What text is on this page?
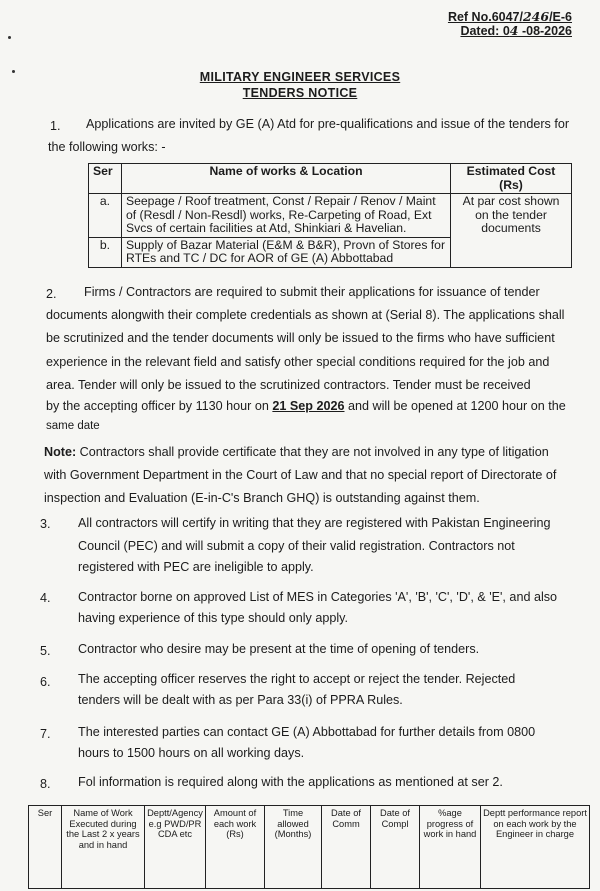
Ref No.6047/246/E-6
Dated: 04 -08-2026
MILITARY ENGINEER SERVICES
TENDERS NOTICE
1. Applications are invited by GE (A) Atd for pre-qualifications and issue of the tenders for
the following works: -
Ser	Name of works & Location	Estimated Cost (Rs)
a.	Seepage / Roof treatment, Const / Repair / Renov / Maint of (Resdl / Non-Resdl) works, Re-Carpeting of Road, Ext Svcs of certain facilities at Atd, Shinkiari & Havelian.	At par cost shown on the tender documents
b.	Supply of Bazar Material (E&M & B&R), Provn of Stores for RTEs and TC / DC for AOR of GE (A) Abbottabad	
2. Firms / Contractors are required to submit their applications for issuance of tender
documents alongwith their complete credentials as shown at (Serial 8). The applications shall
be scrutinized and the tender documents will only be issued to the firms who have sufficient
experience in the relevant field and satisfy other special conditions required for the job and
area. Tender will only be issued to the scrutinized contractors. Tender must be received
by the accepting officer by 1130 hour on 21 Sep 2026 and will be opened at 1200 hour on the
same date
Note: Contractors shall provide certificate that they are not involved in any type of litigation
with Government Department in the Court of Law and that no special report of Directorate of
inspection and Evaluation (E-in-C's Branch GHQ) is outstanding against them.
3. All contractors will certify in writing that they are registered with Pakistan Engineering
Council (PEC) and will submit a copy of their valid registration. Contractors not
registered with PEC are ineligible to apply.
4. Contractor borne on approved List of MES in Categories 'A', 'B', 'C', 'D', & 'E', and also
having experience of this type should only apply.
5. Contractor who desire may be present at the time of opening of tenders.
6. The accepting officer reserves the right to accept or reject the tender. Rejected
tenders will be dealt with as per Para 33(i) of PPRA Rules.
7. The interested parties can contact GE (A) Abbottabad for further details from 0800
hours to 1500 hours on all working days.
8. Fol information is required along with the applications as mentioned at ser 2.
Ser	Name of Work Executed during the Last 2 x years and in hand	Deptt/Agency e.g PWD/PR CDA etc	Amount of each work (Rs)	Time allowed (Months)	Date of Comm	Date of Compl	%age progress of work in hand	Deptt performance report on each work by the Engineer in charge
